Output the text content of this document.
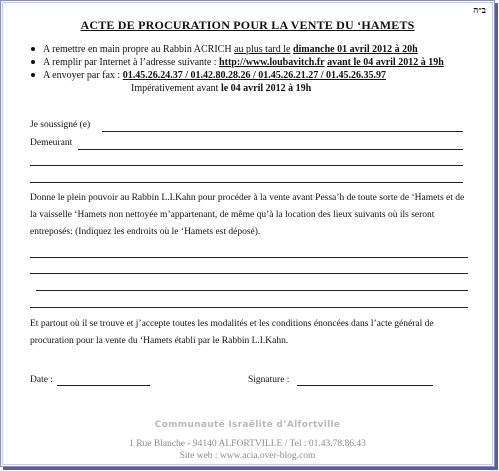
ב״ה
ACTE DE PROCURATION POUR LA VENTE DU ‘HAMETS
A remettre en main propre au Rabbin ACRICH au plus tard le dimanche 01 avril 2012 à 20h
A remplir par Internet à l’adresse suivante : http://www.loubavitch.fr avant le 04 avril 2012 à 19h
A envoyer par fax : 01.45.26.24.37 / 01.42.80.28.26 / 01.45.26.21.27 / 01.45.26.35.97
Impérativement avant le 04 avril 2012 à 19h
Je soussigné (e)
Demeurant
Donne le plein pouvoir au Rabbin L.I.Kahn pour procéder à la vente avant Pessa’h de toute sorte de ‘Hamets et de la vaisselle ‘Hamets non nettoyée m’appartenant, de même qu’à la location des lieux suivants où ils seront entreposés: (Indiquez les endroits où le ‘Hamets est déposé).
Et partout où il se trouve et j’accepte toutes les modalités et les conditions énoncées dans l’acte général de procuration pour la vente du ‘Hamets établi par le Rabbin L.I.Kahn.
Date :	Signature :
Communauté Israëlite d’Alfortville
1 Rue Blanche - 94140 ALFORTVILLE / Tel : 01.43.78.86.43
Site web : www.acia.over-blog.com
